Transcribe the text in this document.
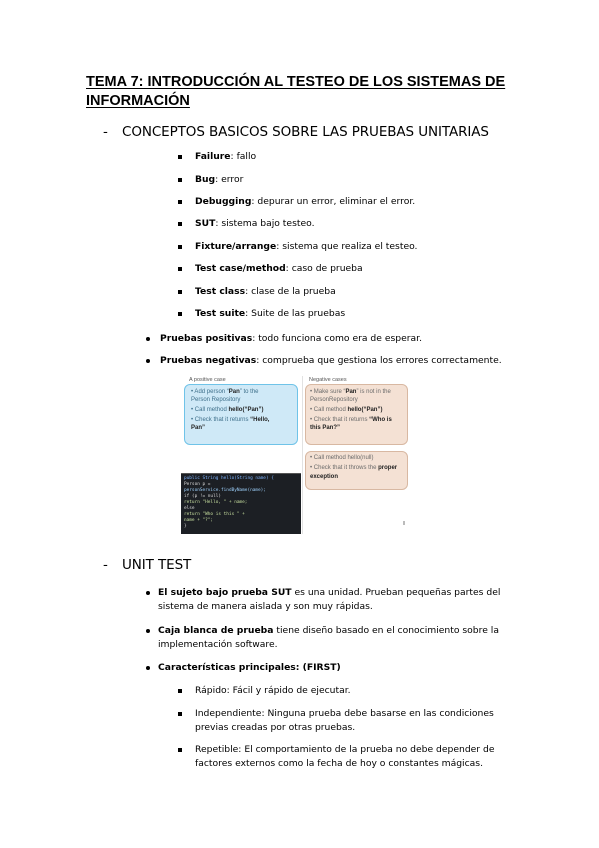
TEMA 7: INTRODUCCIÓN AL TESTEO DE LOS SISTEMAS DE INFORMACIÓN
- CONCEPTOS BASICOS SOBRE LAS PRUEBAS UNITARIAS
Failure: fallo
Bug: error
Debugging: depurar un error, eliminar el error.
SUT: sistema bajo testeo.
Fixture/arrange: sistema que realiza el testeo.
Test case/method: caso de prueba
Test class: clase de la prueba
Test suite: Suite de las pruebas
Pruebas positivas: todo funciona como era de esperar.
Pruebas negativas: comprueba que gestiona los errores correctamente.
A positive case	Negative cases
• Add person “Pan” to the
Person Repository
• Call method hello(“Pan”)
• Check that it returns “Hello,
Pan”
• Make sure “Pan” is not in the
PersonRepository
• Call method hello(“Pan”)
• Check that it returns “Who is
this Pan?”
• Call method hello(null)
• Check that it throws the proper
exception
public String hello(String name) {
Person p =
personService.findByName(name);
if (p != null)
return "Hello, " + name;
else
return "Who is this " +
name + "?";
}
- UNIT TEST
El sujeto bajo prueba SUT es una unidad. Prueban pequeñas partes del
sistema de manera aislada y son muy rápidas.
Caja blanca de prueba tiene diseño basado en el conocimiento sobre la
implementación software.
Características principales: (FIRST)
Rápido: Fácil y rápido de ejecutar.
Independiente: Ninguna prueba debe basarse en las condiciones
previas creadas por otras pruebas.
Repetible: El comportamiento de la prueba no debe depender de
factores externos como la fecha de hoy o constantes mágicas.
